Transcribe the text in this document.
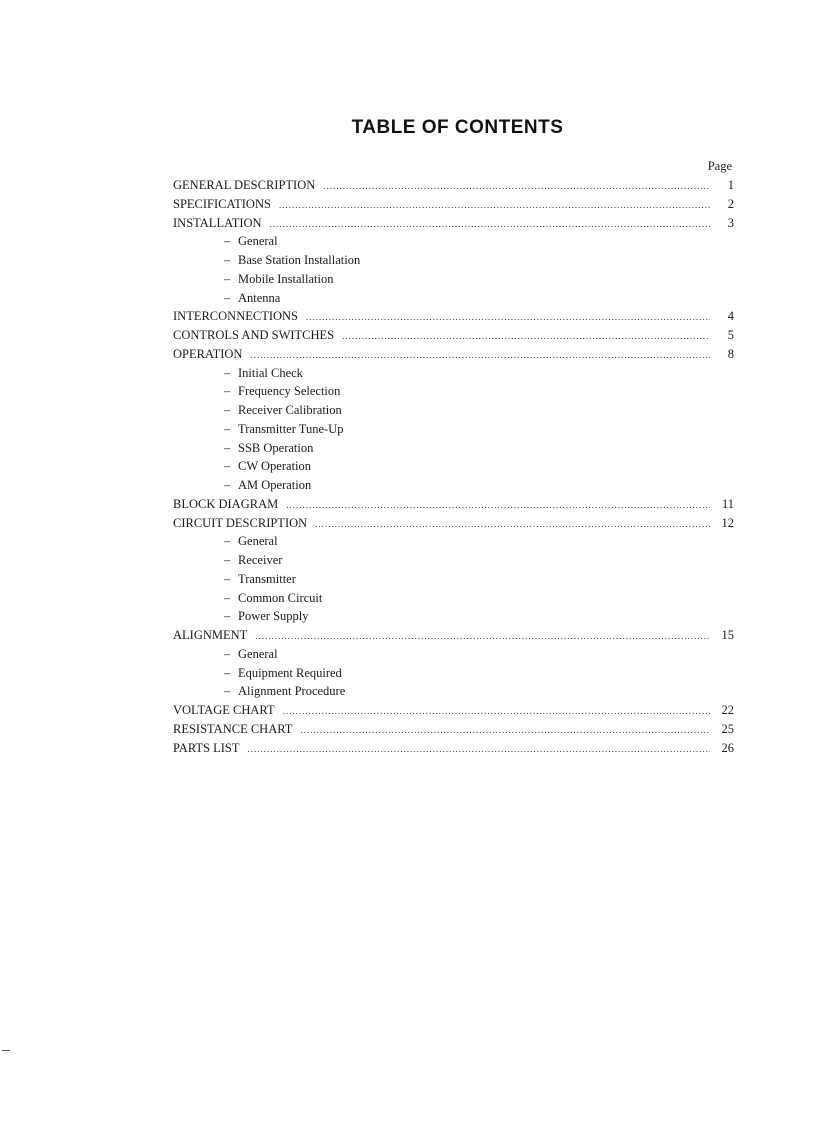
TABLE OF CONTENTS
Page
GENERAL DESCRIPTION .....	1
SPECIFICATIONS .....	2
INSTALLATION .....	3
– General
– Base Station Installation
– Mobile Installation
– Antenna
INTERCONNECTIONS .....	4
CONTROLS AND SWITCHES .....	5
OPERATION .....	8
– Initial Check
– Frequency Selection
– Receiver Calibration
– Transmitter Tune-Up
– SSB Operation
– CW Operation
– AM Operation
BLOCK DIAGRAM .....	11
CIRCUIT DESCRIPTION .....	12
– General
– Receiver
– Transmitter
– Common Circuit
– Power Supply
ALIGNMENT .....	15
– General
– Equipment Required
– Alignment Procedure
VOLTAGE CHART .....	22
RESISTANCE CHART .....	25
PARTS LIST .....	26
